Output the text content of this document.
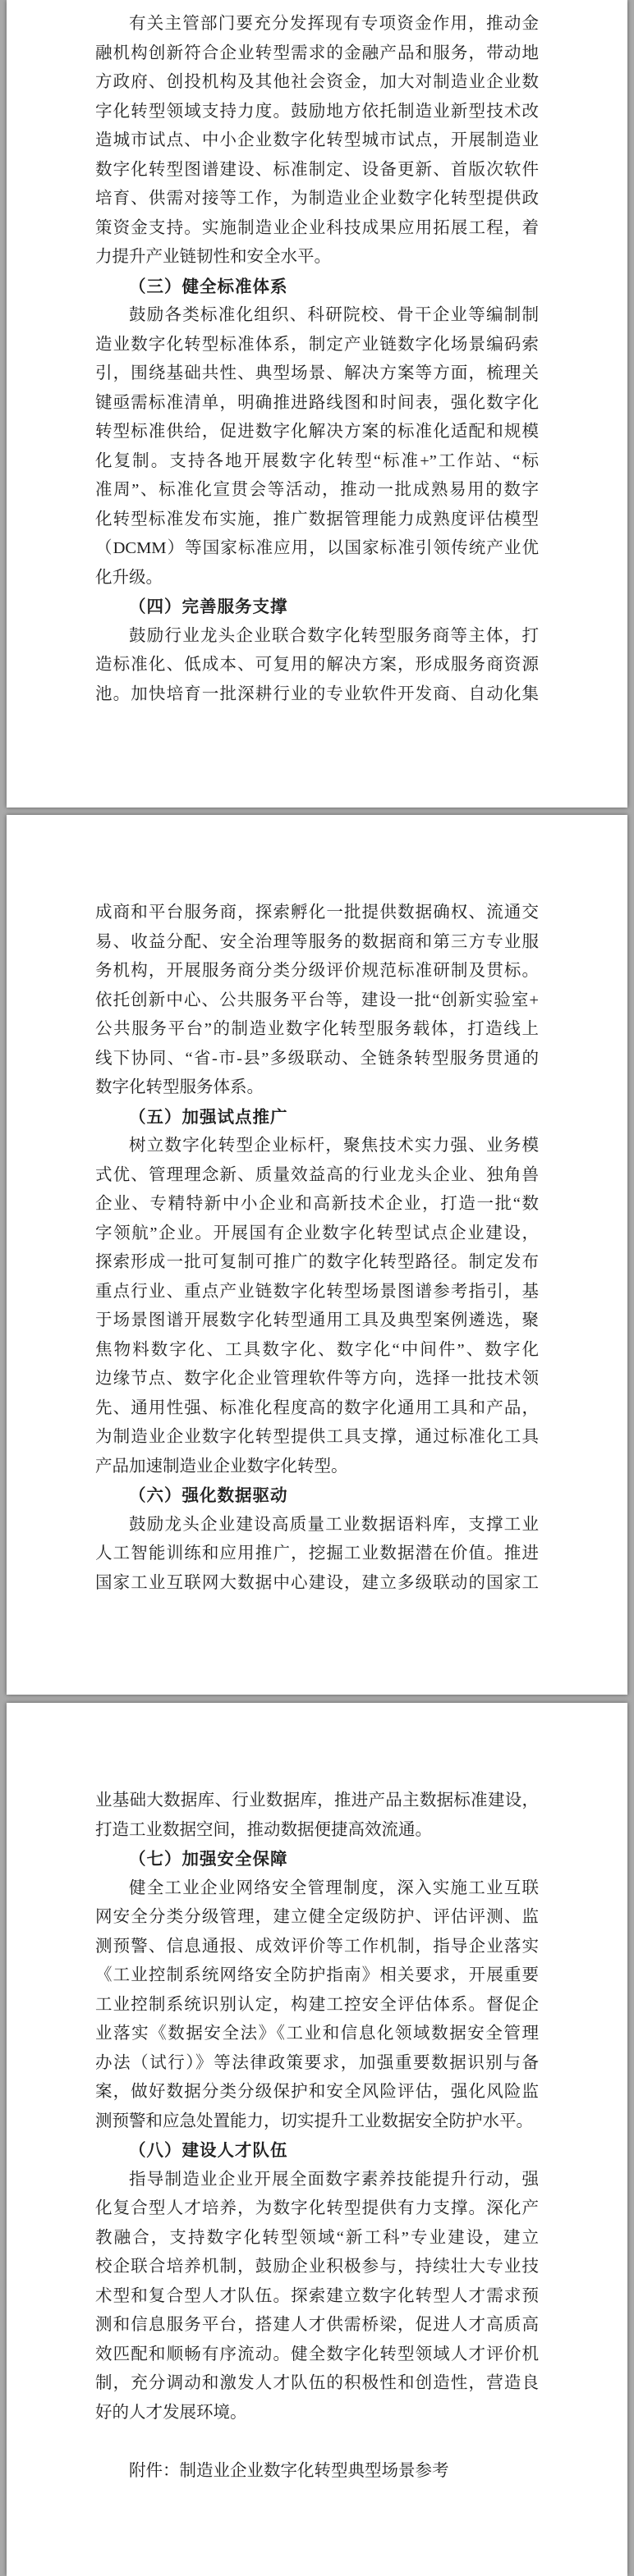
有关主管部门要充分发挥现有专项资金作用，推动金
融机构创新符合企业转型需求的金融产品和服务，带动地
方政府、创投机构及其他社会资金，加大对制造业企业数
字化转型领域支持力度。鼓励地方依托制造业新型技术改
造城市试点、中小企业数字化转型城市试点，开展制造业
数字化转型图谱建设、标准制定、设备更新、首版次软件
培育、供需对接等工作，为制造业企业数字化转型提供政
策资金支持。实施制造业企业科技成果应用拓展工程，着
力提升产业链韧性和安全水平。
（三）健全标准体系
鼓励各类标准化组织、科研院校、骨干企业等编制制
造业数字化转型标准体系，制定产业链数字化场景编码索
引，围绕基础共性、典型场景、解决方案等方面，梳理关
键亟需标准清单，明确推进路线图和时间表，强化数字化
转型标准供给，促进数字化解决方案的标准化适配和规模
化复制。支持各地开展数字化转型“标准+”工作站、“标
准周”、标准化宣贯会等活动，推动一批成熟易用的数字
化转型标准发布实施，推广数据管理能力成熟度评估模型
（DCMM）等国家标准应用，以国家标准引领传统产业优
化升级。
（四）完善服务支撑
鼓励行业龙头企业联合数字化转型服务商等主体，打
造标准化、低成本、可复用的解决方案，形成服务商资源
池。加快培育一批深耕行业的专业软件开发商、自动化集
成商和平台服务商，探索孵化一批提供数据确权、流通交
易、收益分配、安全治理等服务的数据商和第三方专业服
务机构，开展服务商分类分级评价规范标准研制及贯标。
依托创新中心、公共服务平台等，建设一批“创新实验室+
公共服务平台”的制造业数字化转型服务载体，打造线上
线下协同、“省-市-县”多级联动、全链条转型服务贯通的
数字化转型服务体系。
（五）加强试点推广
树立数字化转型企业标杆，聚焦技术实力强、业务模
式优、管理理念新、质量效益高的行业龙头企业、独角兽
企业、专精特新中小企业和高新技术企业，打造一批“数
字领航”企业。开展国有企业数字化转型试点企业建设，
探索形成一批可复制可推广的数字化转型路径。制定发布
重点行业、重点产业链数字化转型场景图谱参考指引，基
于场景图谱开展数字化转型通用工具及典型案例遴选，聚
焦物料数字化、工具数字化、数字化“中间件”、数字化
边缘节点、数字化企业管理软件等方向，选择一批技术领
先、通用性强、标准化程度高的数字化通用工具和产品，
为制造业企业数字化转型提供工具支撑，通过标准化工具
产品加速制造业企业数字化转型。
（六）强化数据驱动
鼓励龙头企业建设高质量工业数据语料库，支撑工业
人工智能训练和应用推广，挖掘工业数据潜在价值。推进
国家工业互联网大数据中心建设，建立多级联动的国家工
业基础大数据库、行业数据库，推进产品主数据标准建设，
打造工业数据空间，推动数据便捷高效流通。
（七）加强安全保障
健全工业企业网络安全管理制度，深入实施工业互联
网安全分类分级管理，建立健全定级防护、评估评测、监
测预警、信息通报、成效评价等工作机制，指导企业落实
《工业控制系统网络安全防护指南》相关要求，开展重要
工业控制系统识别认定，构建工控安全评估体系。督促企
业落实《数据安全法》《工业和信息化领域数据安全管理
办法（试行）》等法律政策要求，加强重要数据识别与备
案，做好数据分类分级保护和安全风险评估，强化风险监
测预警和应急处置能力，切实提升工业数据安全防护水平。
（八）建设人才队伍
指导制造业企业开展全面数字素养技能提升行动，强
化复合型人才培养，为数字化转型提供有力支撑。深化产
教融合，支持数字化转型领域“新工科”专业建设，建立
校企联合培养机制，鼓励企业积极参与，持续壮大专业技
术型和复合型人才队伍。探索建立数字化转型人才需求预
测和信息服务平台，搭建人才供需桥梁，促进人才高质高
效匹配和顺畅有序流动。健全数字化转型领域人才评价机
制，充分调动和激发人才队伍的积极性和创造性，营造良
好的人才发展环境。
附件：制造业企业数字化转型典型场景参考
